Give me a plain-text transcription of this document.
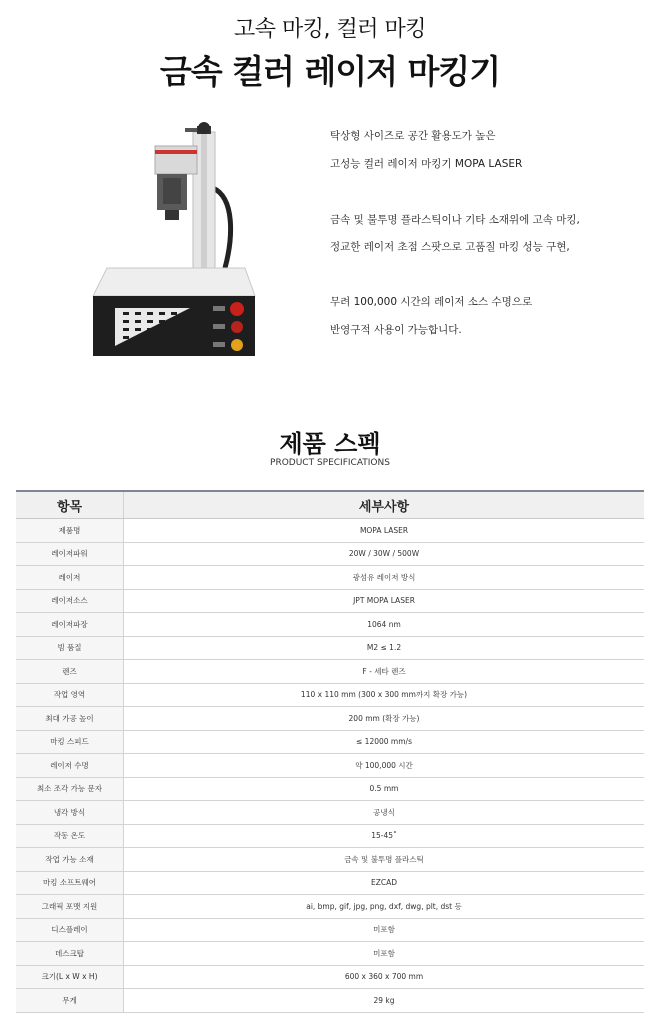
고속 마킹, 컬러 마킹
금속 컬러 레이저 마킹기

탁상형 사이즈로 공간 활용도가 높은

고성능 컬러 레이저 마킹기 MOPA LASER

금속 및 불투명 플라스틱이나 기타 소재위에 고속 마킹,

정교한 레이저 초점 스팟으로 고품질 마킹 성능 구현,

무려 100,000 시간의 레이저 소스 수명으로

반영구적 사용이 가능합니다.

제품 스펙
PRODUCT SPECIFICATIONS
항목	세부사항
제품명	MOPA LASER
레이저파워	20W / 30W / 500W
레이저	광섬유 레이저 방식
레이저소스	JPT MOPA LASER
레이저파장	1064 nm
빔 품질	M2 ≤ 1.2
렌즈	F - 세타 렌즈
작업 영역	110 x 110 mm (300 x 300 mm까지 확장 가능)
최대 가공 높이	200 mm (확장 가능)
마킹 스피드	≤ 12000 mm/s
레이저 수명	약 100,000 시간
최소 조각 가능 문자	0.5 mm
냉각 방식	공냉식
작동 온도	15-45˚
작업 가능 소재	금속 및 불투명 플라스틱
마킹 소프트웨어	EZCAD
그래픽 포맷 지원	ai, bmp, gif, jpg, png, dxf, dwg, plt, dst 등
디스플레이	미포함
데스크탑	미포함
크기(L x W x H)	600 x 360 x 700 mm
무게	29 kg
